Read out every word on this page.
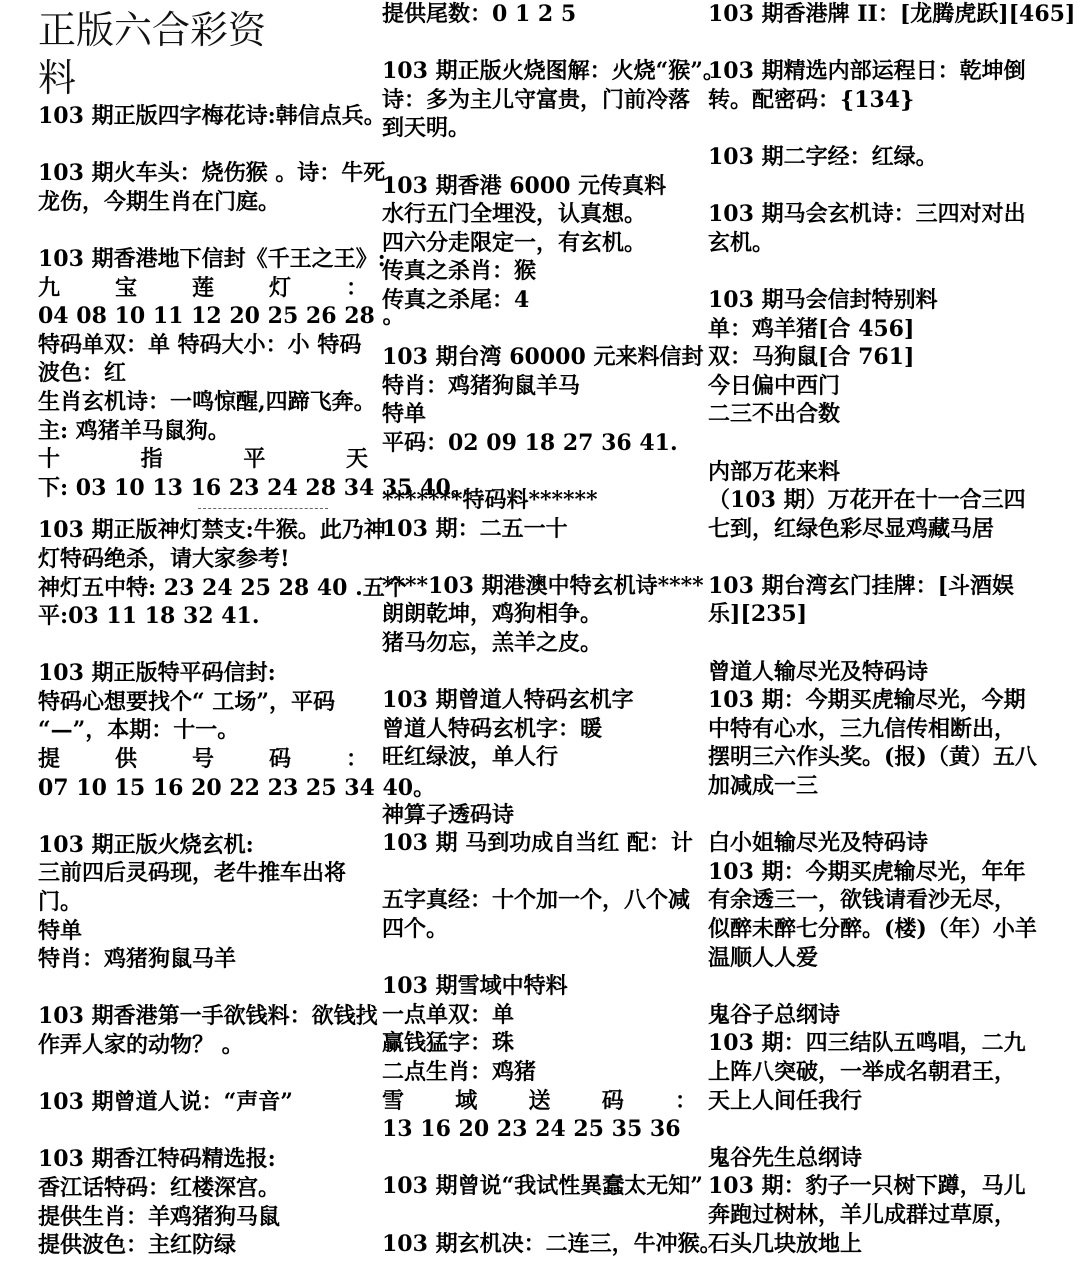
正版六合彩资
料
103 期正版四字梅花诗:韩信点兵。
103 期火车头：烧伤猴 。诗：牛死
龙伤，今期生肖在门庭。
103 期香港地下信封《千王之王》:
九 宝 莲 灯 ：
04 08 10 11 12 20 25 26 28 。
特码单双：单 特码大小：小 特码
波色：红
生肖玄机诗：一鸣惊醒,四蹄飞奔。
主: 鸡猪羊马鼠狗。
十	指	平	天
下: 03 10 13 16 23 24 28 34 35 40。
103 期正版神灯禁支:牛猴。此乃神
灯特码绝杀，请大家参考!
神灯五中特: 23 24 25 28 40 .五个
平:03 11 18 32 41.
103 期正版特平码信封:
特码心想要找个“ 工场”，平码
“—”，本期：十一。
提 供 号 码 ：
07 10 15 16 20 22 23 25 34 40。
103 期正版火烧玄机:
三前四后灵码现，老牛推车出将
门。
特单
特肖：鸡猪狗鼠马羊
103 期香港第一手欲钱料：欲钱找
作弄人家的动物？ 。
103 期曾道人说：“声音”
103 期香江特码精选报:
香江话特码：红楼深宫。
提供生肖：羊鸡猪狗马鼠
提供波色：主红防绿
提供尾数：0 1 2 5
103 期正版火烧图解：火烧“猴”。
诗：多为主儿守富贵，门前冷落
到天明。
103 期香港 6000 元传真料
水行五门全埋没，认真想。
四六分走限定一，有玄机。
传真之杀肖：猴
传真之杀尾：4
103 期台湾 60000 元来料信封
特肖：鸡猪狗鼠羊马
特单
平码：02 09 18 27 36 41.
*******特码料******
103 期：二五一十
****103 期港澳中特玄机诗****
朗朗乾坤，鸡狗相争。
猪马勿忘，羔羊之皮。
103 期曾道人特码玄机字
曾道人特码玄机字：暖
旺红绿波，单人行
神算子透码诗
103 期 马到功成自当红 配：计

五字真经：十个加一个，八个减
四个。
103 期雪域中特料
一点单双：单
赢钱猛字：珠
二点生肖：鸡猪
雪 域 送 码 ：
13 16 20 23 24 25 35 36
103 期曾说“我试性異蠢太无知”
103 期玄机决：二连三，牛冲猴。
103 期香港牌 II：[龙腾虎跃][465]
103 期精选内部运程日：乾坤倒
转。配密码：{134}
103 期二字经：红绿。
103 期马会玄机诗：三四对对出
玄机。
103 期马会信封特别料
单：鸡羊猪[合 456]
双：马狗鼠[合 761]
今日偏中西门
二三不出合数
内部万花来料
（103 期）万花开在十一合三四
七到，红绿色彩尽显鸡藏马居
103 期台湾玄门挂牌：[斗酒娱
乐][235]
曾道人输尽光及特码诗
103 期：今期买虎输尽光，今期
中特有心水，三九信传相断出，
摆明三六作头奖。(报)（黄）五八
加减成一三
白小姐输尽光及特码诗
103 期：今期买虎输尽光，年年
有余透三一，欲钱请看沙无尽，
似醉未醉七分醉。(楼)（年）小羊
温顺人人爱
鬼谷子总纲诗
103 期：四三结队五鸣唱，二九
上阵八突破，一举成名朝君王，
天上人间任我行
鬼谷先生总纲诗
103 期：豹子一只树下蹲，马儿
奔跑过树林，羊儿成群过草原，
石头几块放地上
